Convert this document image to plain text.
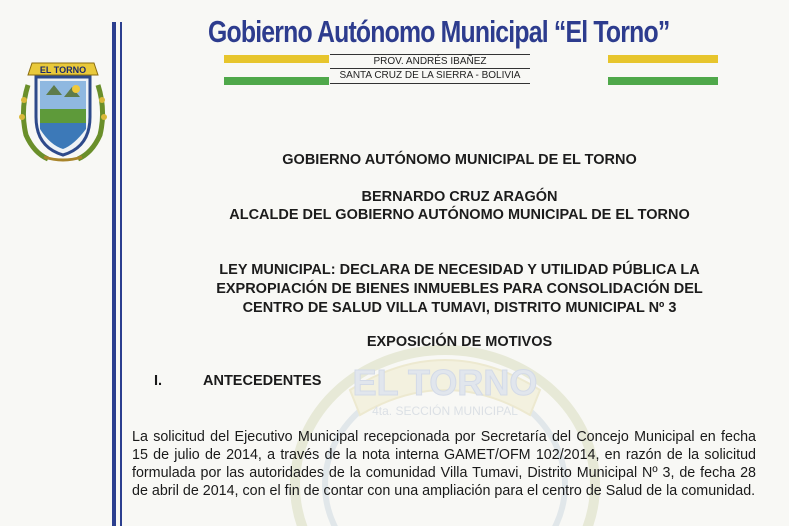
EL TORNO
4ta. SECCIÓN MUNICIPAL
EL TORNO
Gobierno Autónomo Municipal “El Torno”
PROV. ANDRÉS IBAÑEZ
SANTA CRUZ DE LA SIERRA - BOLIVIA
GOBIERNO AUTÓNOMO MUNICIPAL DE EL TORNO
BERNARDO CRUZ ARAGÓN
ALCALDE DEL GOBIERNO AUTÓNOMO MUNICIPAL DE EL TORNO
LEY MUNICIPAL: DECLARA DE NECESIDAD Y UTILIDAD PÚBLICA LA
EXPROPIACIÓN DE BIENES INMUEBLES PARA CONSOLIDACIÓN DEL
CENTRO DE SALUD VILLA TUMAVI, DISTRITO MUNICIPAL Nº 3
EXPOSICIÓN DE MOTIVOS
I.	ANTECEDENTES
La solicitud del Ejecutivo Municipal recepcionada por Secretaría del Concejo Municipal en fecha 15 de julio de 2014, a través de la nota interna GAMET/OFM 102/2014, en razón de la solicitud formulada por las autoridades de la comunidad Villa Tumavi, Distrito Municipal Nº 3, de fecha 28 de abril de 2014, con el fin de contar con una ampliación para el centro de Salud de la comunidad.
